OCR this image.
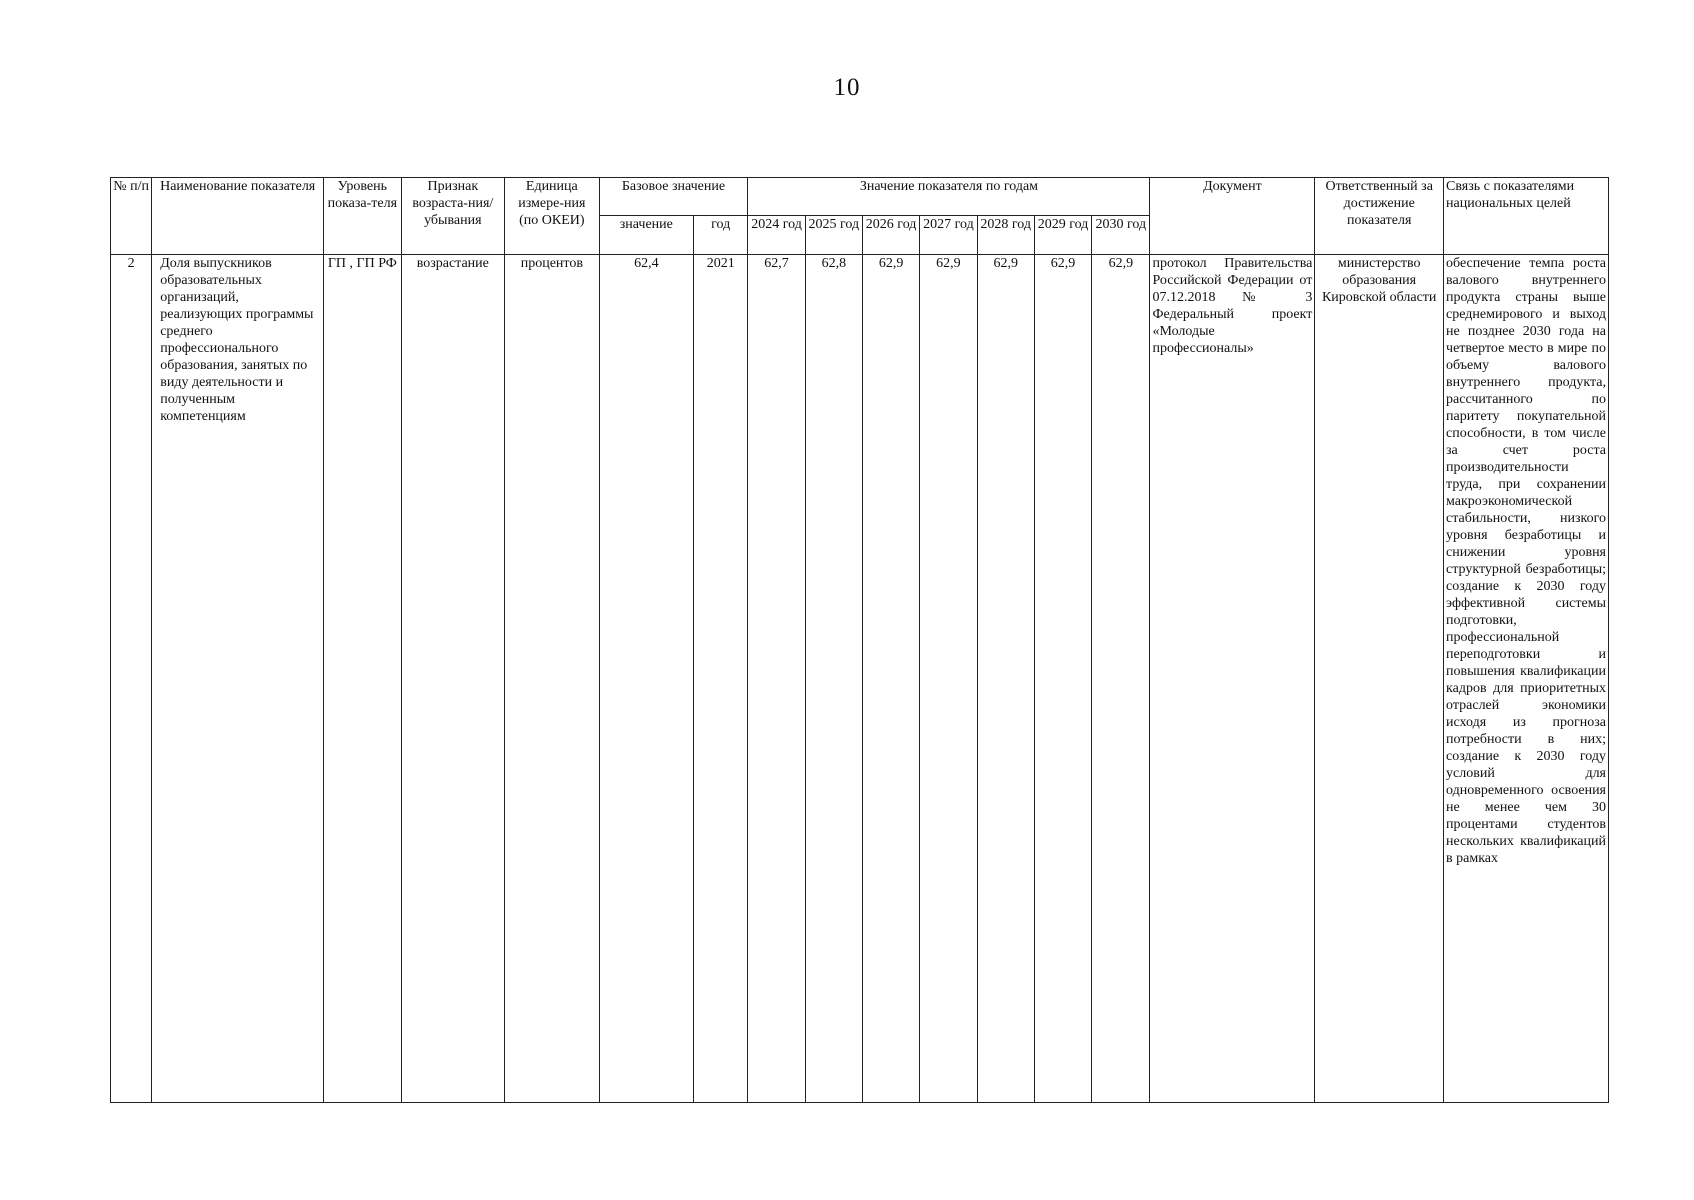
10
№ п/п	Наименование показателя	Уровень показа-теля	Признак возраста-ния/ убывания	Единица измере-ния (по ОКЕИ)	Базовое значение		Значение показателя по годам							Документ	Ответственный за достижение показателя	Связь с показателями национальных целей
					значение	год	2024 год	2025 год	2026 год	2027 год	2028 год	2029 год	2030 год			
2	Доля выпускников образовательных организаций, реализующих программы среднего профессионального образования, занятых по виду деятельности и полученным компетенциям	ГП , ГП РФ	возрастание	процентов	62,4	2021	62,7	62,8	62,9	62,9	62,9	62,9	62,9	протокол Правительства Российской Федерации от 07.12.2018 № 3 Федеральный проект «Молодые профессионалы»	министерство образования Кировской области	обеспечение темпа роста валового внутреннего продукта страны выше среднемирового и выход не позднее 2030 года на четвертое место в мире по объему валового внутреннего продукта, рассчитанного по паритету покупательной способности, в том числе за счет роста производительности труда, при сохранении макроэкономической стабильности, низкого уровня безработицы и снижении уровня структурной безработицы; создание к 2030 году эффективной системы подготовки, профессиональной переподготовки и повышения квалификации кадров для приоритетных отраслей экономики исходя из прогноза потребности в них; создание к 2030 году условий для одновременного освоения не менее чем 30 процентами студентов нескольких квалификаций в рамках
